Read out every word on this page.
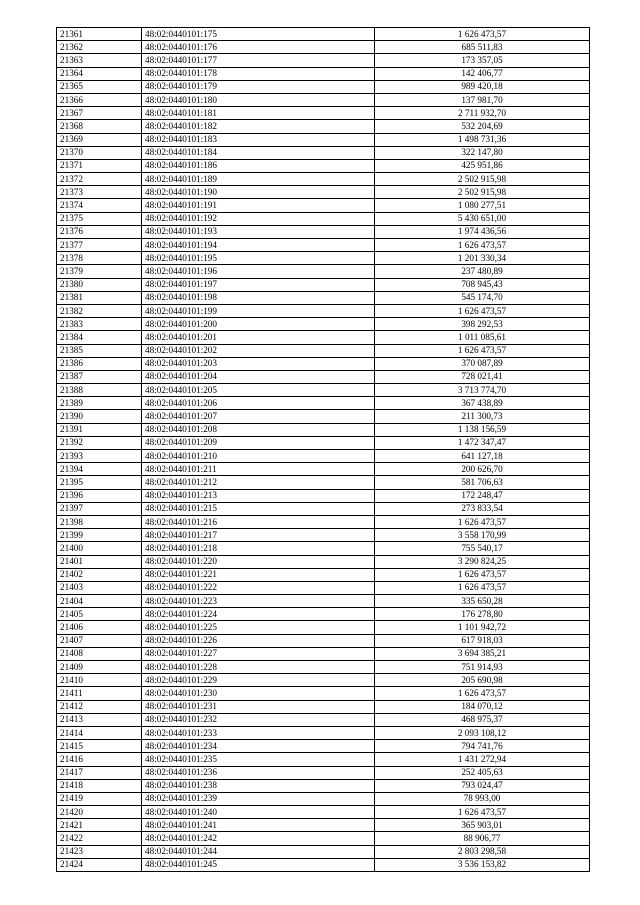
21361	48:02:0440101:175	1 626 473,57
21362	48:02:0440101:176	685 511,83
21363	48:02:0440101:177	173 357,05
21364	48:02:0440101:178	142 406,77
21365	48:02:0440101:179	989 420,18
21366	48:02:0440101:180	137 981,70
21367	48:02:0440101:181	2 711 932,70
21368	48:02:0440101:182	532 204,69
21369	48:02:0440101:183	1 498 731,36
21370	48:02:0440101:184	322 147,80
21371	48:02:0440101:186	425 951,86
21372	48:02:0440101:189	2 502 915,98
21373	48:02:0440101:190	2 502 915,98
21374	48:02:0440101:191	1 080 277,51
21375	48:02:0440101:192	5 430 651,00
21376	48:02:0440101:193	1 974 436,56
21377	48:02:0440101:194	1 626 473,57
21378	48:02:0440101:195	1 201 330,34
21379	48:02:0440101:196	237 480,89
21380	48:02:0440101:197	708 945,43
21381	48:02:0440101:198	545 174,70
21382	48:02:0440101:199	1 626 473,57
21383	48:02:0440101:200	398 292,53
21384	48:02:0440101:201	1 011 085,61
21385	48:02:0440101:202	1 626 473,57
21386	48:02:0440101:203	370 087,89
21387	48:02:0440101:204	728 021,41
21388	48:02:0440101:205	3 713 774,70
21389	48:02:0440101:206	367 438,89
21390	48:02:0440101:207	211 300,73
21391	48:02:0440101:208	1 138 156,59
21392	48:02:0440101:209	1 472 347,47
21393	48:02:0440101:210	641 127,18
21394	48:02:0440101:211	200 626,70
21395	48:02:0440101:212	581 706,63
21396	48:02:0440101:213	172 248,47
21397	48:02:0440101:215	273 833,54
21398	48:02:0440101:216	1 626 473,57
21399	48:02:0440101:217	3 558 170,99
21400	48:02:0440101:218	755 540,17
21401	48:02:0440101:220	3 290 824,25
21402	48:02:0440101:221	1 626 473,57
21403	48:02:0440101:222	1 626 473,57
21404	48:02:0440101:223	335 650,28
21405	48:02:0440101:224	176 278,80
21406	48:02:0440101:225	1 101 942,72
21407	48:02:0440101:226	617 918,03
21408	48:02:0440101:227	3 694 385,21
21409	48:02:0440101:228	751 914,93
21410	48:02:0440101:229	205 690,98
21411	48:02:0440101:230	1 626 473,57
21412	48:02:0440101:231	184 070,12
21413	48:02:0440101:232	468 975,37
21414	48:02:0440101:233	2 093 108,12
21415	48:02:0440101:234	794 741,76
21416	48:02:0440101:235	1 431 272,94
21417	48:02:0440101:236	252 405,63
21418	48:02:0440101:238	793 024,47
21419	48:02:0440101:239	78 993,00
21420	48:02:0440101:240	1 626 473,57
21421	48:02:0440101:241	365 903,01
21422	48:02:0440101:242	88 906,77
21423	48:02:0440101:244	2 803 298,58
21424	48:02:0440101:245	3 536 153,82
